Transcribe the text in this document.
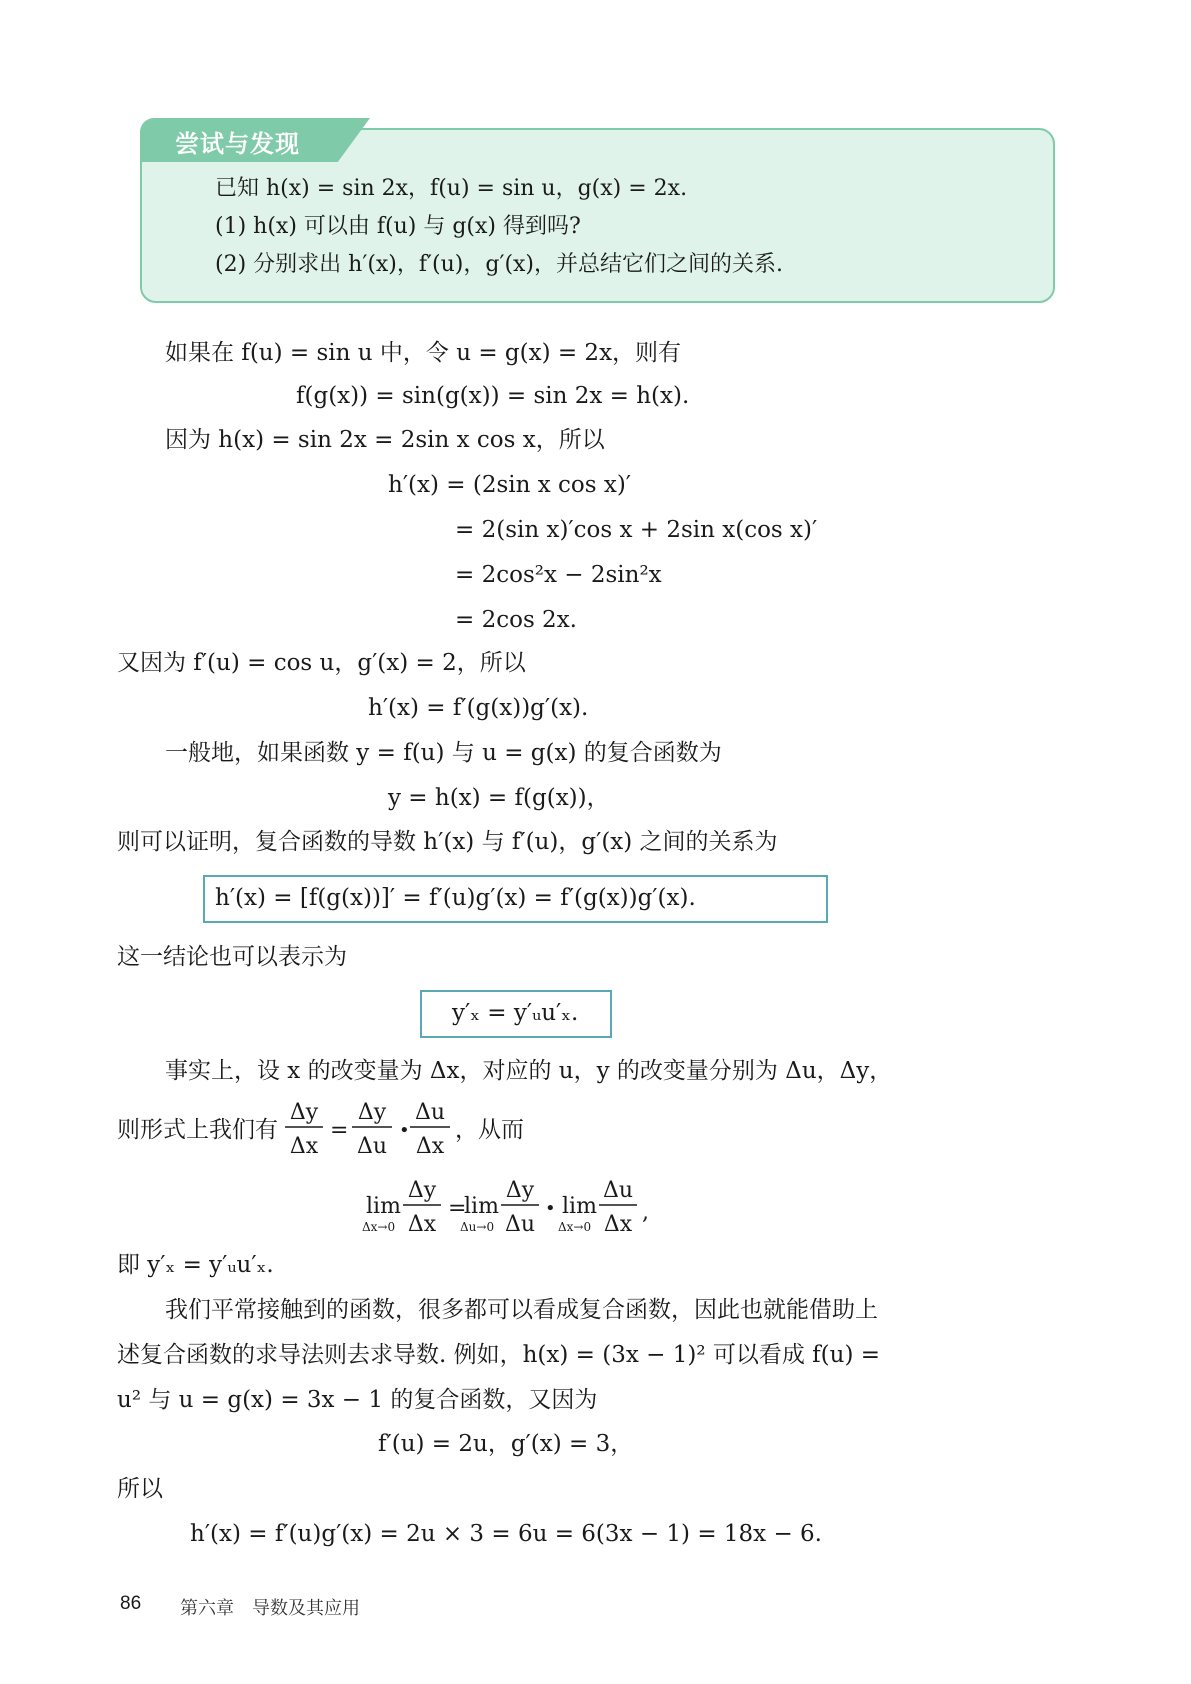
尝试与发现
已知 h(x) = sin 2x，f(u) = sin u，g(x) = 2x.
(1) h(x) 可以由 f(u) 与 g(x) 得到吗?
(2) 分别求出 h′(x)，f′(u)，g′(x)，并总结它们之间的关系.
如果在 f(u) = sin u 中，令 u = g(x) = 2x，则有
f(g(x)) = sin(g(x)) = sin 2x = h(x).
因为 h(x) = sin 2x = 2sin x cos x，所以
h′(x) = (2sin x cos x)′
= 2(sin x)′cos x + 2sin x(cos x)′
= 2cos²x − 2sin²x
= 2cos 2x.
又因为 f′(u) = cos u，g′(x) = 2，所以
h′(x) = f′(g(x))g′(x).
一般地，如果函数 y = f(u) 与 u = g(x) 的复合函数为
y = h(x) = f(g(x))，
则可以证明，复合函数的导数 h′(x) 与 f′(u)，g′(x) 之间的关系为
h′(x) = [f(g(x))]′ = f′(u)g′(x) = f′(g(x))g′(x).
这一结论也可以表示为
y′ₓ = y′ᵤu′ₓ.
事实上，设 x 的改变量为 Δx，对应的 u，y 的改变量分别为 Δu，Δy，
则形式上我们有
Δy
Δx
=
Δy
Δu
•
Δu
Δx
，从而
lim
Δx→0
Δy
Δx
=
lim
Δu→0
Δy
Δu
• lim
Δx→0
Δu
Δx ,
即 y′ₓ = y′ᵤu′ₓ.
我们平常接触到的函数，很多都可以看成复合函数，因此也就能借助上
述复合函数的求导法则去求导数. 例如，h(x) = (3x − 1)² 可以看成 f(u) =
u² 与 u = g(x) = 3x − 1 的复合函数，又因为
f′(u) = 2u，g′(x) = 3，
所以
h′(x) = f′(u)g′(x) = 2u × 3 = 6u = 6(3x − 1) = 18x − 6.
86 第六章　导数及其应用
